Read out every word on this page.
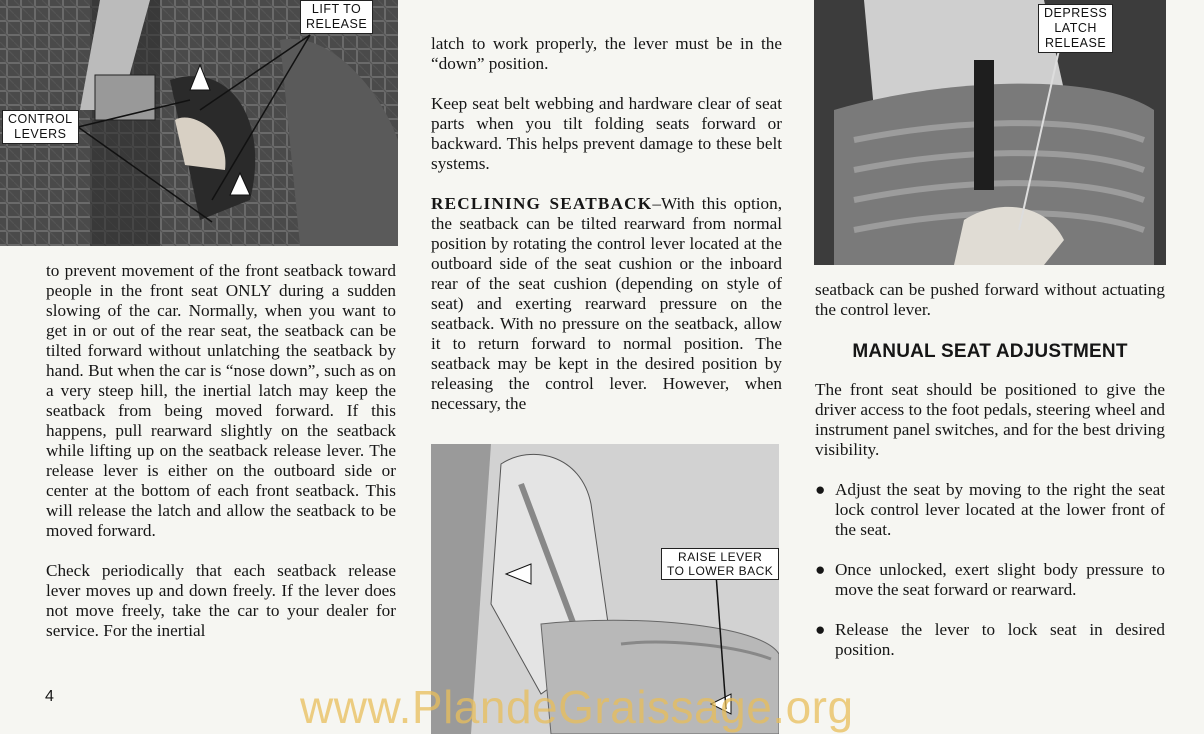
LIFT TO
RELEASE
CONTROL
LEVERS

to prevent movement of the front seatback toward people in the front seat ONLY during a sudden slowing of the car. Normally, when you want to get in or out of the rear seat, the seatback can be tilted forward without unlatching the seatback by hand. But when the car is “nose down”, such as on a very steep hill, the inertial latch may keep the seatback from being moved forward. If this happens, pull rearward slightly on the seatback while lifting up on the seatback release lever. The release lever is either on the outboard side or center at the bottom of each front seatback. This will release the latch and allow the seatback to be moved forward.

Check periodically that each seatback release lever moves up and down freely. If the lever does not move freely, take the car to your dealer for service. For the inertial

latch to work properly, the lever must be in the “down” position.

Keep seat belt webbing and hardware clear of seat parts when you tilt folding seats forward or backward. This helps prevent damage to these belt systems.

RECLINING SEATBACK–With this option, the seatback can be tilted rearward from normal position by rotating the control lever located at the outboard side of the seat cushion or the inboard rear of the seat cushion (depending on style of seat) and exerting rearward pressure on the seatback. With no pressure on the seatback, allow it to return forward to normal position. The seatback may be kept in the desired position by releasing the control lever. However, when necessary, the

RAISE LEVER
TO LOWER BACK
DEPRESS
LATCH
RELEASE

seatback can be pushed forward without actuating the control lever.

MANUAL SEAT ADJUSTMENT

The front seat should be positioned to give the driver access to the foot pedals, steering wheel and instrument panel switches, and for the best driving visibility.

● Adjust the seat by moving to the right the seat lock control lever located at the lower front of the seat.
● Once unlocked, exert slight body pressure to move the seat forward or rearward.
● Release the lever to lock seat in desired position.
4	www.PlandeGraissage.org
